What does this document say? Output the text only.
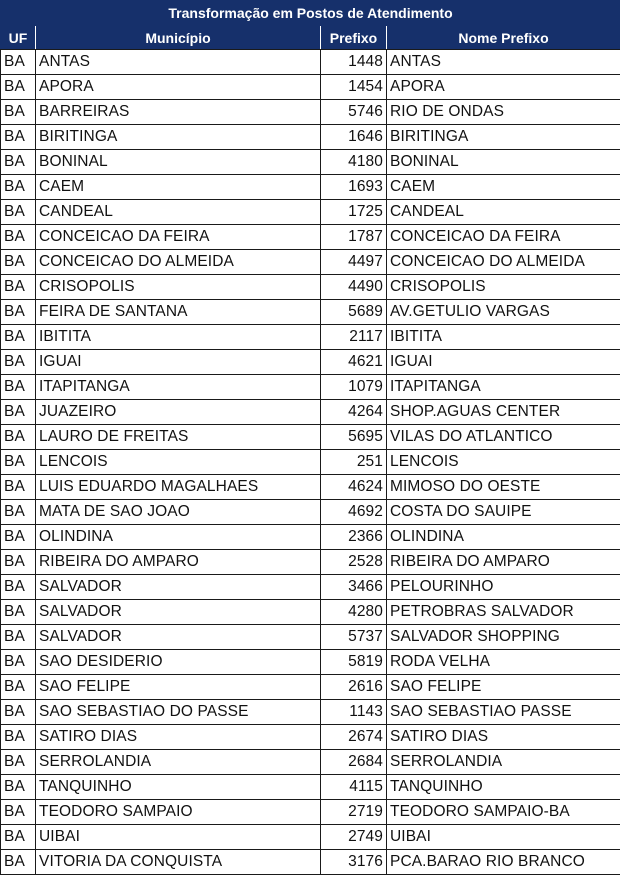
Transformação em Postos de Atendimento			
UF	Município	Prefixo	Nome Prefixo
BA	ANTAS	1448	ANTAS
BA	APORA	1454	APORA
BA	BARREIRAS	5746	RIO DE ONDAS
BA	BIRITINGA	1646	BIRITINGA
BA	BONINAL	4180	BONINAL
BA	CAEM	1693	CAEM
BA	CANDEAL	1725	CANDEAL
BA	CONCEICAO DA FEIRA	1787	CONCEICAO DA FEIRA
BA	CONCEICAO DO ALMEIDA	4497	CONCEICAO DO ALMEIDA
BA	CRISOPOLIS	4490	CRISOPOLIS
BA	FEIRA DE SANTANA	5689	AV.GETULIO VARGAS
BA	IBITITA	2117	IBITITA
BA	IGUAI	4621	IGUAI
BA	ITAPITANGA	1079	ITAPITANGA
BA	JUAZEIRO	4264	SHOP.AGUAS CENTER
BA	LAURO DE FREITAS	5695	VILAS DO ATLANTICO
BA	LENCOIS	251	LENCOIS
BA	LUIS EDUARDO MAGALHAES	4624	MIMOSO DO OESTE
BA	MATA DE SAO JOAO	4692	COSTA DO SAUIPE
BA	OLINDINA	2366	OLINDINA
BA	RIBEIRA DO AMPARO	2528	RIBEIRA DO AMPARO
BA	SALVADOR	3466	PELOURINHO
BA	SALVADOR	4280	PETROBRAS SALVADOR
BA	SALVADOR	5737	SALVADOR SHOPPING
BA	SAO DESIDERIO	5819	RODA VELHA
BA	SAO FELIPE	2616	SAO FELIPE
BA	SAO SEBASTIAO DO PASSE	1143	SAO SEBASTIAO PASSE
BA	SATIRO DIAS	2674	SATIRO DIAS
BA	SERROLANDIA	2684	SERROLANDIA
BA	TANQUINHO	4115	TANQUINHO
BA	TEODORO SAMPAIO	2719	TEODORO SAMPAIO-BA
BA	UIBAI	2749	UIBAI
BA	VITORIA DA CONQUISTA	3176	PCA.BARAO RIO BRANCO
